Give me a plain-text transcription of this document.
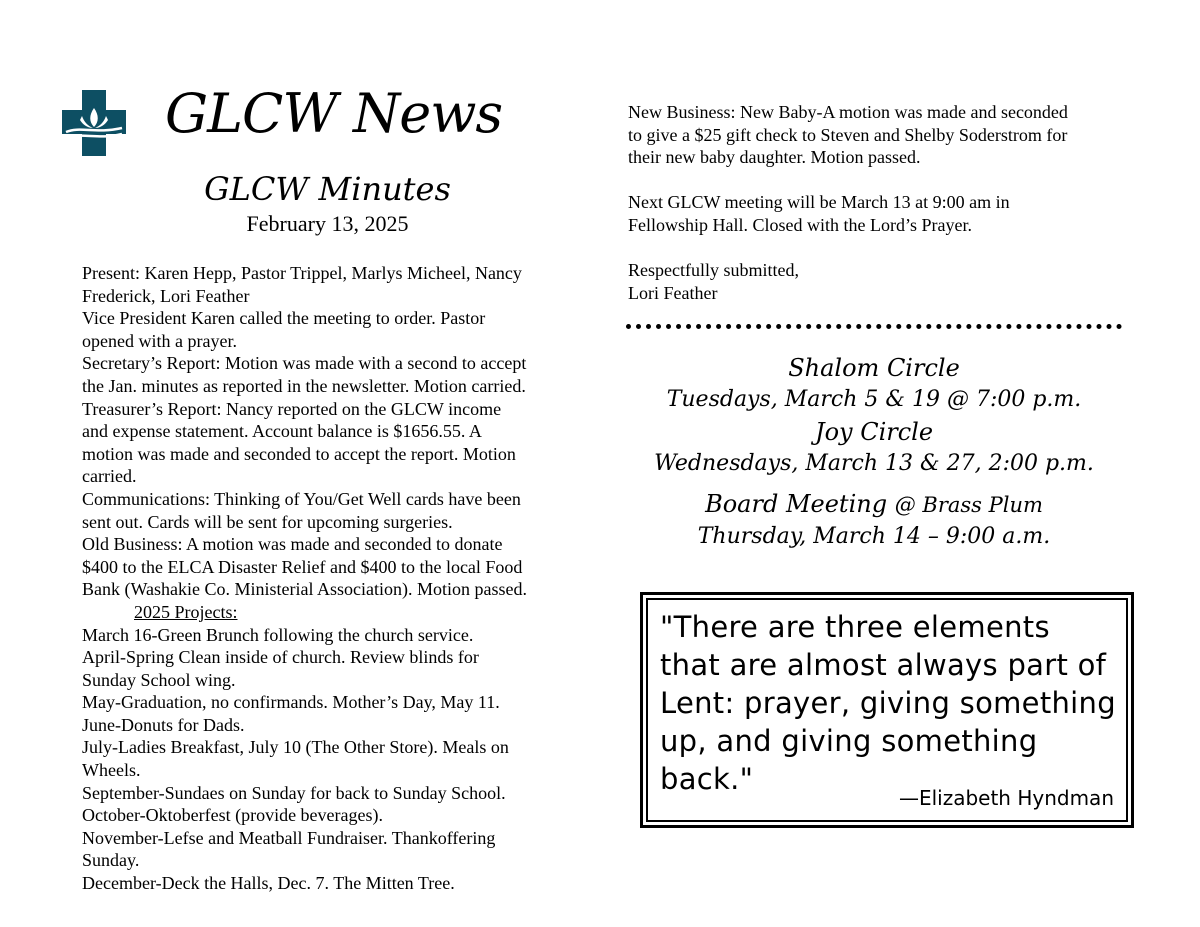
GLCW News
GLCW Minutes
February 13, 2025

Present: Karen Hepp, Pastor Trippel, Marlys Micheel, Nancy

Frederick, Lori Feather

Vice President Karen called the meeting to order. Pastor

opened with a prayer.

Secretary’s Report: Motion was made with a second to accept

the Jan. minutes as reported in the newsletter. Motion carried.

Treasurer’s Report: Nancy reported on the GLCW income

and expense statement. Account balance is $1656.55. A

motion was made and seconded to accept the report. Motion

carried.

Communications: Thinking of You/Get Well cards have been

sent out. Cards will be sent for upcoming surgeries.

Old Business: A motion was made and seconded to donate

$400 to the ELCA Disaster Relief and $400 to the local Food

Bank (Washakie Co. Ministerial Association). Motion passed.

2025 Projects:

March 16-Green Brunch following the church service.

April-Spring Clean inside of church. Review blinds for

Sunday School wing.

May-Graduation, no confirmands. Mother’s Day, May 11.

June-Donuts for Dads.

July-Ladies Breakfast, July 10 (The Other Store). Meals on

Wheels.

September-Sundaes on Sunday for back to Sunday School.

October-Oktoberfest (provide beverages).

November-Lefse and Meatball Fundraiser. Thankoffering

Sunday.

December-Deck the Halls, Dec. 7. The Mitten Tree.

New Business: New Baby-A motion was made and seconded

to give a $25 gift check to Steven and Shelby Soderstrom for

their new baby daughter. Motion passed.

Next GLCW meeting will be March 13 at 9:00 am in

Fellowship Hall. Closed with the Lord’s Prayer.

Respectfully submitted,

Lori Feather

Shalom Circle
Tuesdays, March 5 & 19 @ 7:00 p.m.
Joy Circle
Wednesdays, March 13 & 27, 2:00 p.m.
Board Meeting @ Brass Plum
Thursday, March 14 – 9:00 a.m.
"There are three elements
that are almost always part of
Lent: prayer, giving something
up, and giving something
back."
—Elizabeth Hyndman
